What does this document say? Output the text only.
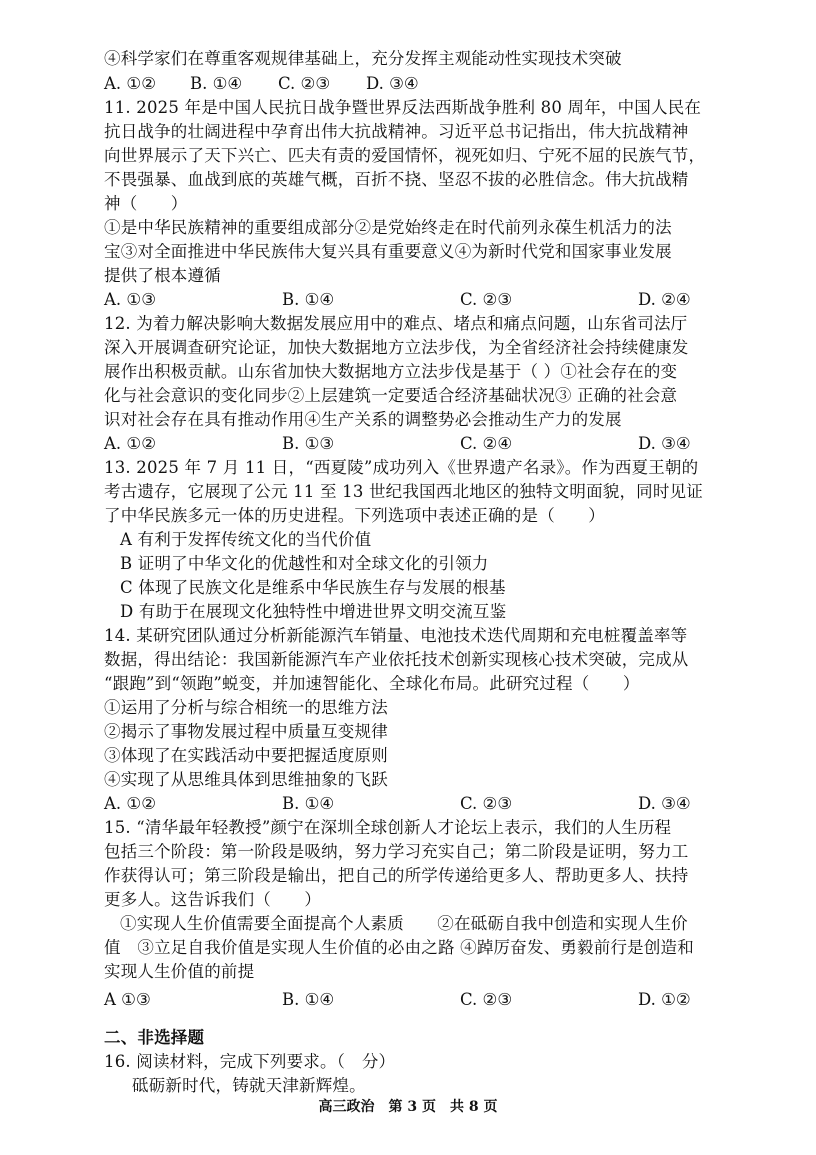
④科学家们在尊重客观规律基础上，充分发挥主观能动性实现技术突破
A. ①② B. ①④ C. ②③ D. ③④
11. 2025 年是中国人民抗日战争暨世界反法西斯战争胜利 80 周年，中国人民在
抗日战争的壮阔进程中孕育出伟大抗战精神。习近平总书记指出，伟大抗战精神
向世界展示了天下兴亡、匹夫有责的爱国情怀，视死如归、宁死不屈的民族气节，
不畏强暴、血战到底的英雄气概，百折不挠、坚忍不拔的必胜信念。伟大抗战精
神（　　）
①是中华民族精神的重要组成部分②是党始终走在时代前列永葆生机活力的法
宝③对全面推进中华民族伟大复兴具有重要意义④为新时代党和国家事业发展
提供了根本遵循
A. ①③	B. ①④	C. ②③	D. ②④
12. 为着力解决影响大数据发展应用中的难点、堵点和痛点问题，山东省司法厅
深入开展调查研究论证，加快大数据地方立法步伐，为全省经济社会持续健康发
展作出积极贡献。山东省加快大数据地方立法步伐是基于（ ）①社会存在的变
化与社会意识的变化同步②上层建筑一定要适合经济基础状况③ 正确的社会意
识对社会存在具有推动作用④生产关系的调整势必会推动生产力的发展
A. ①②	B. ①③	C. ②④	D. ③④
13. 2025 年 7 月 11 日，“西夏陵”成功列入《世界遗产名录》。作为西夏王朝的
考古遗存，它展现了公元 11 至 13 世纪我国西北地区的独特文明面貌，同时见证
了中华民族多元一体的历史进程。下列选项中表述正确的是（　　）
A 有利于发挥传统文化的当代价值
B 证明了中华文化的优越性和对全球文化的引领力
C 体现了民族文化是维系中华民族生存与发展的根基
D 有助于在展现文化独特性中增进世界文明交流互鉴
14. 某研究团队通过分析新能源汽车销量、电池技术迭代周期和充电桩覆盖率等
数据，得出结论：我国新能源汽车产业依托技术创新实现核心技术突破，完成从
“跟跑”到“领跑”蜕变，并加速智能化、全球化布局。此研究过程（　　）
①运用了分析与综合相统一的思维方法
②揭示了事物发展过程中质量互变规律
③体现了在实践活动中要把握适度原则
④实现了从思维具体到思维抽象的飞跃
A. ①②	B. ①④	C. ②③	D. ③④
15. “清华最年轻教授”颜宁在深圳全球创新人才论坛上表示，我们的人生历程
包括三个阶段：第一阶段是吸纳，努力学习充实自己；第二阶段是证明，努力工
作获得认可；第三阶段是输出，把自己的所学传递给更多人、帮助更多人、扶持
更多人。这告诉我们（　　）
①实现人生价值需要全面提高个人素质　　②在砥砺自我中创造和实现人生价
值　③立足自我价值是实现人生价值的必由之路 ④踔厉奋发、勇毅前行是创造和
实现人生价值的前提
A ①③	B. ①④	C. ②③	D. ①②
二、非选择题
16. 阅读材料，完成下列要求。（　分）
砥砺新时代，铸就天津新辉煌。
高三政治　第 3 页　共 8 页
